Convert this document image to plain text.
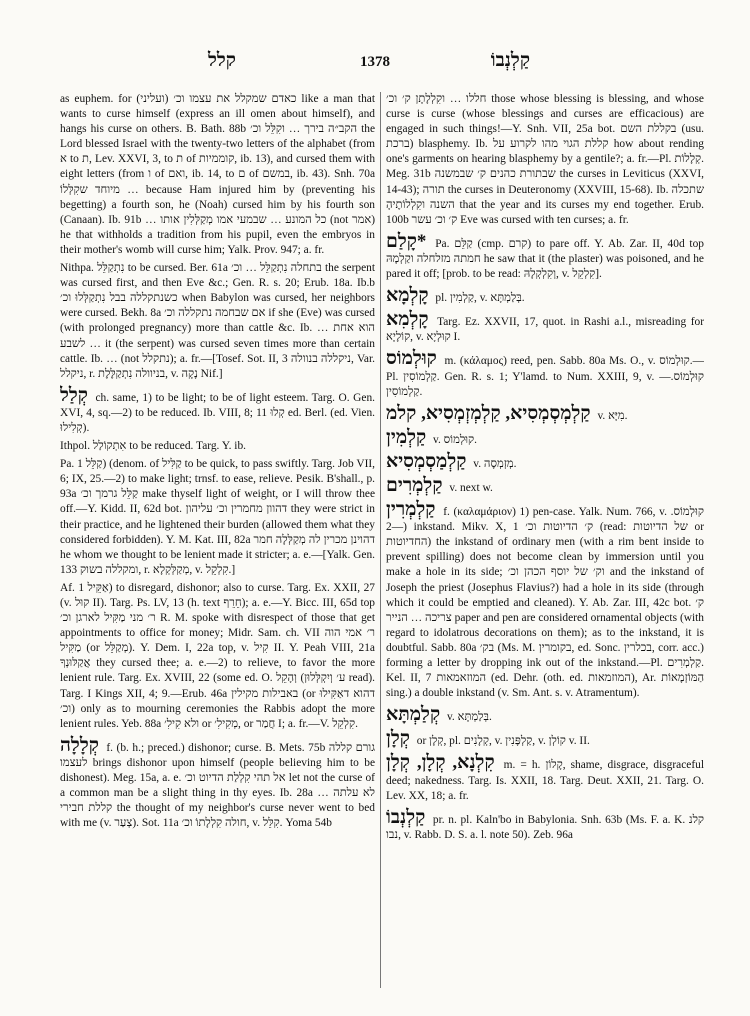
קלל	1378	קַלְנְבוֹ

as euphem. for (ועליני) כאדם שמקלל את עצמו וכ׳ like a man that wants to curse himself (express an ill omen about himself), and hangs his curse on others. B. Bath. 88b הקב״ה בירך … וקִלֵּל וכ׳ the Lord blessed Israel with the twenty-two letters of the alphabet (from א to ת, Lev. XXVI, 3, to ת of קוממיות, ib. 13), and cursed them with eight letters (from ו of ואם, ib. 14, to ם of במשם, ib. 43). Snh. 70a מיוחד שקִלְּלוֹ … because Ham injured him by (preventing his begetting) a fourth son, he (Noah) cursed him by his fourth son (Canaan). Ib. 91b … כל המונע … שבמעי אמו מְקַלְּלִין אותו (not אמר) he that withholds a tradition from his pupil, even the embryos in their mother's womb will curse him; Yalk. Prov. 947; a. fr.

Nithpa. נִתְקַלֵּל to be cursed. Ber. 61a בתחלה נִתְקַלֵּל … וכ׳ the serpent was cursed first, and then Eve &c.; Gen. R. s. 20; Erub. 18a. Ib.b כשנתקללה בבל נִתְקַלְּלוּ וכ׳ when Babylon was cursed, her neighbors were cursed. Bekh. 8a אם שבחמה נתקללה וכ׳ if she (Eve) was cursed (with prolonged pregnancy) more than cattle &c. Ib. … הוא אחת לשבע … it (the serpent) was cursed seven times more than certain cattle. Ib. … (not נתקלל); a. fr.—[Tosef. Sot. II, 3 ניקללה בנוולה, Var. ניקלל, r. בניוולה נִתְקַלֶּלֶת, v. נָקָה Nif.]

קְלַל ch. same, 1) to be light; to be of light esteem. Targ. O. Gen. XVI, 4, sq.—2) to be reduced. Ib. VIII, 8; 11 קְלוּ ed. Berl. (ed. Vien. קְלִילוּ).

Ithpol. אִתְקוֹלַל to be reduced. Targ. Y. ib.

Pa. קַלֵּל 1) (denom. of קַלִּיל to be quick, to pass swiftly. Targ. Job VII, 6; IX, 25.—2) to make light; trnsf. to ease, relieve. Pesik. B'shall., p. 93a קַלֵּל גרמך וכ׳ make thyself light of weight, or I will throw thee off.—Y. Kidd. II, 62d bot. דהוון מחמרין וכ׳ עליהון they were strict in their practice, and he lightened their burden (allowed them what they considered forbidden). Y. M. Kat. III, 82a דהוינן מכרין לה מְקַלְּלָה חמר he whom we thought to be lenient made it stricter; a. e.—[Yalk. Gen. 133 ומקללה בשוק, r. מְקַלְּקְלָא, v. קִלְקֵל.]

Af. אַקֵּיל 1) to disregard, dishonor; also to curse. Targ. Ex. XXII, 27 (v. קוּל II). Targ. Ps. LV, 13 (h. text חֵרֵף); a. e.—Y. Bicc. III, 65d top ר׳ מני מַקִּיל לארגן וכ׳ R. M. spoke with disrespect of those that get appointments to office for money; Midr. Sam. ch. VII ר׳ אמי הוה מַקִּיל (or מְקַלֵּל). Y. Dem. I, 22a top, v. קִיל II. Y. Peah VIII, 21a אֲקַלּוּנְךָ they cursed thee; a. e.—2) to relieve, to favor the more lenient rule. Targ. Ex. XVIII, 22 (some ed. O. וְהָקֵל (ע׳ וְיִקְלְּלוּן read). Targ. I Kings XII, 4; 9.—Erub. 46a באבילות מקילין (or דהוא דאַקִּילוּ וכ׳) only as to mourning ceremonies the Rabbis adopt the more lenient rules. Yeb. 88a ולא קִילִ׳ or מְקִילִ׳, or חֲמַר I; a. fr.—V. קִלְקֵל.

קְלָלָה f. (b. h.; preced.) dishonor; curse. B. Mets. 75b גורם קללה לעצמו brings dishonor upon himself (people believing him to be dishonest). Meg. 15a, a. e. אל תהי קִלְלַת הדיוט וכ׳ let not the curse of a common man be a slight thing in thy eyes. Ib. 28a לא עלתה … קללת חבירי the thought of my neighbor's curse never went to bed with me (v. צְעַר). Sot. 11a חולה קִלְלָתוֹ וכ׳, v. קִלֵּל. Yoma 54b

חללו … וקִלְלָתָן ק׳ וכ׳ those whose blessing is blessing, and whose curse is curse (whose blessings and curses are efficacious) are engaged in such things!—Y. Snh. VII, 25a bot. בקללת השם (usu. ברכת) blasphemy. Ib. קללת הגוי מהו לקרוע על how about rending one's garments on hearing blasphemy by a gentile?; a. fr.—Pl. קְלָלוֹת. Meg. 31b שבתורת כהנים ק׳ שבמשנה the curses in Leviticus (XXVI, 14-43); תורה the curses in Deuteronomy (XXVIII, 15-68). Ib. שתכלה השנה וקִלְלוֹתֶיהָ that the year and its curses my end together. Erub. 100b ק׳ וכ׳ עשר Eve was cursed with ten curses; a. fr.

קָלַם* Pa. קַלֵּם (cmp. קרם) to pare off. Y. Ab. Zar. II, 40d top חמתה מזלחלה וקַלְמָהּ he saw that it (the plaster) was poisoned, and he pared it off; [prob. to be read: וְקִלְקְלָהּ, v. קִלְקֵל].
קָלְמָא pl. קַלְמִין, v. בְּלַמְתָּא.
קָלְמִא Targ. Ez. XXVII, 17, quot. in Rashi a.l., misreading for קוֹלָיָא, v. קוּלְיָא I.
קוּלְמוֹס m. (κάλαμος) reed, pen. Sabb. 80a Ms. O., v. קוּלְמוֹס.—Pl. קַלְמוֹסִין. Gen. R. s. 1; Y'lamd. to Num. XXIII, 9, v. קוּלְמוֹס.—קַלְמוֹסִין.
קַלְמְסְמְסִיא, קַלְמְזְמְסִיא, קלמ v. מִיָּא.
קַלְמִין v. קוּלְמוֹס.
קַלְמַסְמְסִיא v. מְזְמְסָה.
קַלְמְרִים v. next w.
קַלְמְרִין f. (καλαμάριον) 1) pen-case. Yalk. Num. 766, v. קוּלְמוֹס.—2) inkstand. Mikv. X, 1 ק׳ הדיוטות וכ׳ (read: של הדיוטות or החדיוטות) the inkstand of ordinary men (with a rim bent inside to prevent spilling) does not become clean by immersion until you make a hole in its side; וק׳ של יוסף הכהן וכ׳ and the inkstand of Joseph the priest (Josephus Flavius?) had a hole in its side (through which it could be emptied and cleaned). Y. Ab. Zar. III, 42c bot. ק׳ צריכה … הנייר paper and pen are considered ornamental objects (with regard to idolatrous decorations on them); as to the inkstand, it is doubtful. Sabb. 80a בק׳ (Ms. M. בקומרין, ed. Sonc. בכלרין, corr. acc.) forming a letter by dropping ink out of the inkstand.—Pl. קַלְמְרִים. Kel. II, 7 המוזאמאות (ed. Dehr. (oth. ed. המוזמאות), Ar. הַמּוֹזְמָאוֹת sing.) a double inkstand (v. Sm. Ant. s. v. Atramentum).
קְלַמְתָּא v. בְּלַמְתָּא.
קְלָן or קְלָן, pl. קְלָנִים, v. קַלְפָּנִין, v. קוֹלְן v. II.
קִלְנָא, קְלָן, קְלָן m. = h. קָלוֹן, shame, disgrace, disgraceful deed; nakedness. Targ. Is. XXII, 18. Targ. Deut. XXII, 21. Targ. O. Lev. XX, 18; a. fr.
קַלְנְבוֹ pr. n. pl. Kaln'bo in Babylonia. Snh. 63b (Ms. F. a. K. קלנ נבו, v. Rabb. D. S. a. l. note 50). Zeb. 96a
